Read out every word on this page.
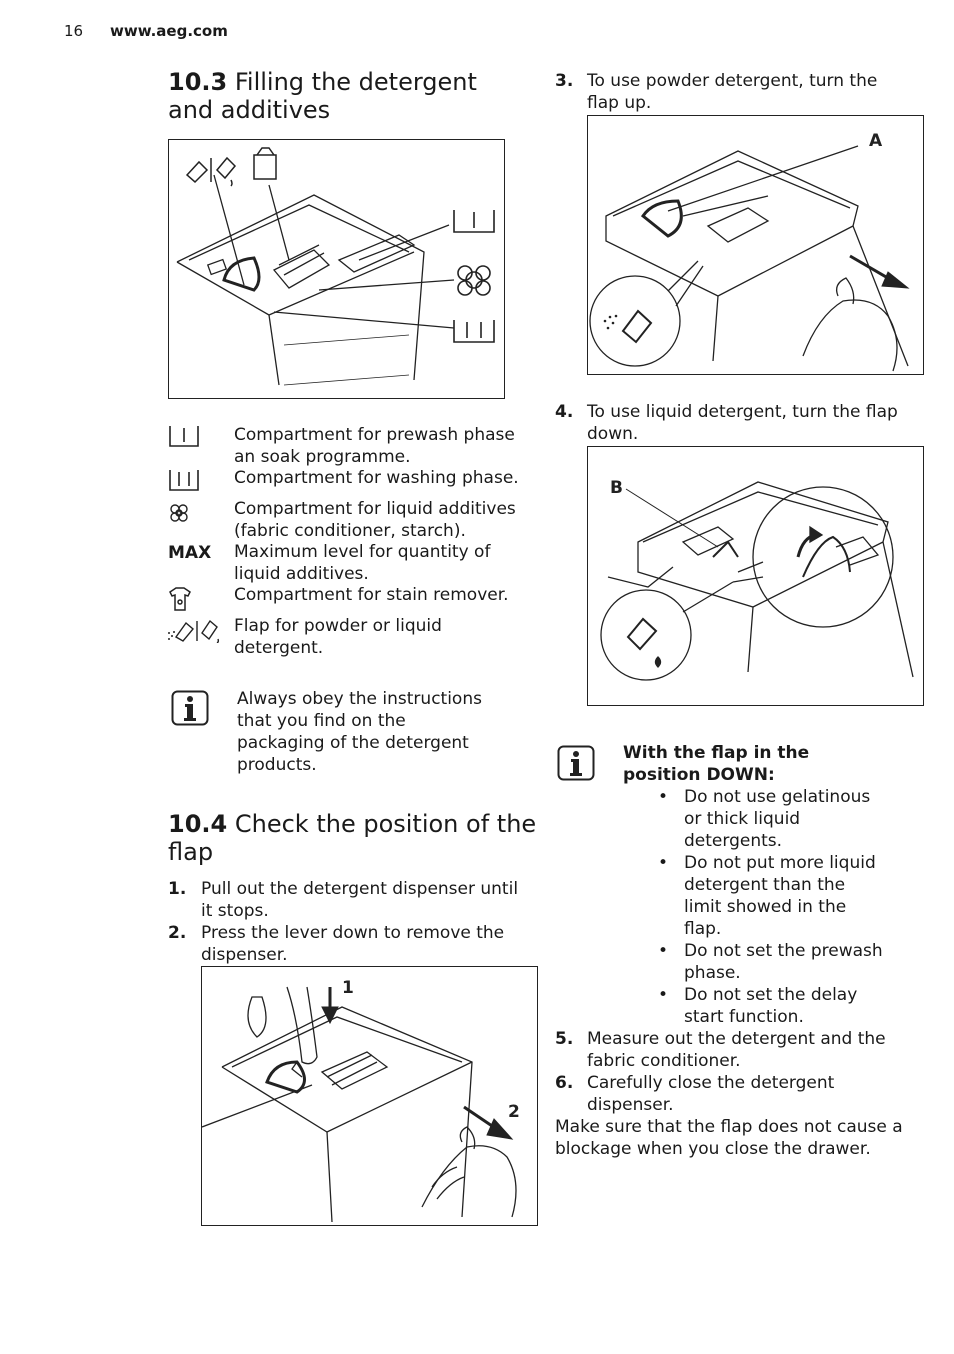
16 www.aeg.com
10.3 Filling the detergent and additives
Compartment for prewash phase an soak programme.
Compartment for washing phase.
Compartment for liquid additives (fabric conditioner, starch).
MAX Maximum level for quantity of liquid additives.
Compartment for stain remover.
Flap for powder or liquid detergent.
Always obey the instructions that you find on the packaging of the detergent products.
10.4 Check the position of the flap
1. Pull out the detergent dispenser until it stops.
2. Press the lever down to remove the dispenser.
1
2
3. To use powder detergent, turn the flap up.
A
4. To use liquid detergent, turn the flap down.
B
With the flap in the position DOWN:
• Do not use gelatinous or thick liquid detergents.
• Do not put more liquid detergent than the limit showed in the flap.
• Do not set the prewash phase.
• Do not set the delay start function.
5. Measure out the detergent and the fabric conditioner.
6. Carefully close the detergent dispenser.
Make sure that the flap does not cause a blockage when you close the drawer.
